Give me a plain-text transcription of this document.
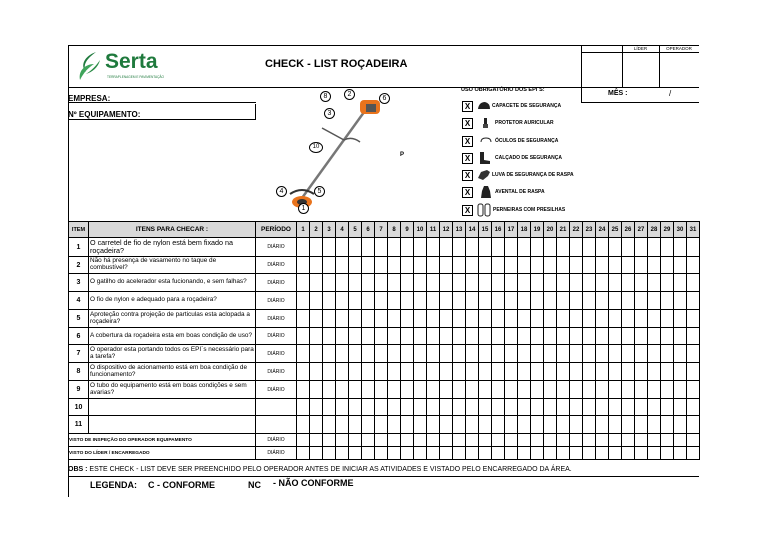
Serta
TERRAPLENAGEM E PAVIMENTAÇÃO
CHECK - LIST ROÇADEIRA
LÍDER	OPERADOR
EMPRESA:
Nº EQUIPAMENTO:
MÊS :	/
8	2
6
3
10
4	5
1
P
USO OBRIGATÓRIO DOS EPI´S:
X	CAPACETE DE SEGURANÇA
X	PROTETOR AURICULAR
X	ÓCULOS DE SEGURANÇA
X	CALÇADO DE SEGURANÇA
X	LUVA DE SEGURANÇA DE RASPA
X	AVENTAL DE RASPA
X	PERNEIRAS COM PRESILHAS
ITEM	ITENS PARA CHECAR :	PERÍODO	1	2	3	4	5	6	7	8	9	10	11	12	13	14	15	16	17	18	19	20	21	22	23	24	25	26	27	28	29	30	31
1	O carretel de fio de nylon está bem fixado na roçadeira?	DIÁRIO																															
2	Não há presença de vasamento no taque de combustível?	DIÁRIO																															
3	O gatilho do acelerador esta fucionando, e sem falhas?	DIÁRIO																															
4	O fio de nylon e adequado para a roçadeira?	DIÁRIO																															
5	Aproteção contra projeção de particulas esta aclopada a roçadeira?	DIÁRIO																															
6	A cobertura da roçadeira esta em boas condição de uso?	DIÁRIO																															
7	O operador esta portando todos os EPI´s necessário para a tarefa?	DIÁRIO																															
8	O dispositivo de acionamento está em boa condição de funcionamento?	DIÁRIO																															
9	O tubo do equipamento está em boas condições e sem avarias?	DIÁRIO																															
10																																	
11																																	
VISTO DE INSPEÇÃO DO OPERADOR EQUIPAMENTO		DIÁRIO																															
VISTO DO LÍDER / ENCARREGADO		DIÁRIO																															
OBS : ESTE CHECK - LIST DEVE SER PREENCHIDO PELO OPERADOR ANTES DE INICIAR AS ATIVIDADES E VISTADO PELO ENCARREGADO DA ÁREA.
LEGENDA: C - CONFORME	NC - NÃO CONFORME
